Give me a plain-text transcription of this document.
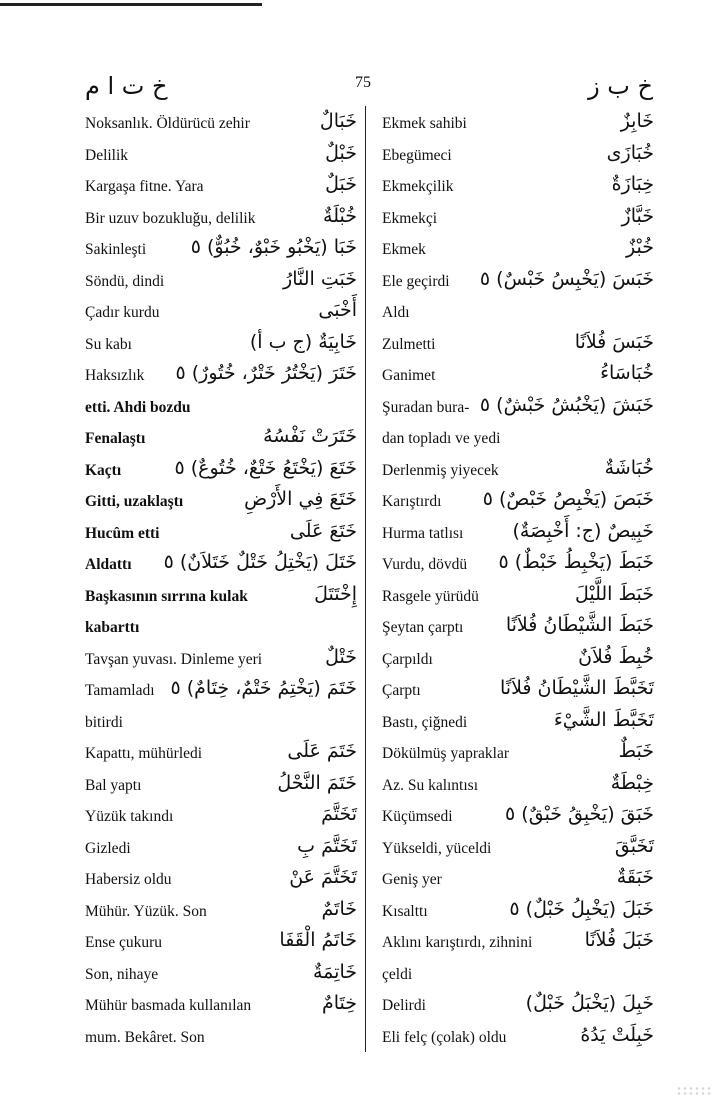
خ ت ا م	75	خ ب ز
Noksanlık. Öldürücü zehir	خَبَالٌ
Delilik	خَبْلٌ
Kargaşa fitne. Yara	خَبَلٌ
Bir uzuv bozukluğu, delilik	خُبْلَةٌ
Sakinleşti خَبَا (يَخْبُو خَبْوٌ، خُبُوٌّ) ٥
Söndü, dindi	خَبَتِ النَّارُ
Çadır kurdu	أَخْبَى
Su kabı	خَابِيَةٌ (ج ب أ)
Haksızlık خَتَرَ (يَخْتُرُ خَتْرٌ، خُتُورٌ) ٥
etti. Ahdi bozdu
Fenalaştı	خَتَرَتْ نَفْسُهُ
Kaçtı	خَتَعَ (يَخْتَعُ خَتْعٌ، خُتُوعٌ) ٥
Gitti, uzaklaştı	خَتَعَ فِي الأَرْضِ
Hucûm etti	خَتَعَ عَلَى
Aldattı خَتَلَ (يَخْتِلُ خَتْلٌ خَتَلاَنٌ) ٥
Başkasının sırrına kulak	إِخْتَتَلَ
kabarttı
Tavşan yuvası. Dinleme yeri	خَتْلٌ
Tamamladı خَتَمَ (يَخْتِمُ خَتْمٌ، خِتَامٌ) ٥
bitirdi
Kapattı, mühürledi	خَتَمَ عَلَى
Bal yaptı	خَتَمَ النَّحْلُ
Yüzük takındı	تَخَتَّمَ
Gizledi	تَخَتَّمَ بِ
Habersiz oldu	تَخَتَّمَ عَنْ
Mühür. Yüzük. Son	خَاتَمٌ
Ense çukuru	خَاتَمُ الْقَفَا
Son, nihaye	خَاتِمَةٌ
Mühür basmada kullanılan	خِتَامٌ
mum. Bekâret. Son
Ekmek sahibi	خَابِزٌ
Ebegümeci	خُبَازَى
Ekmekçilik	خِبَازَةٌ
Ekmekçi	خَبَّازٌ
Ekmek	خُبْزٌ
Ele geçirdi خَبَسَ (يَخْبِسُ خَبْسٌ) ٥
Aldı
Zulmetti	خَبَسَ فُلاَنًا
Ganimet	خُبَاسَاءُ
Şuradan bura- خَبَشَ (يَخْبُشُ خَبْشٌ) ٥
dan topladı ve yedi
Derlenmiş yiyecek	خُبَاشَةٌ
Karıştırdı خَبَصَ (يَخْبِصُ خَبْصٌ) ٥
Hurma tatlısı	خَبِيصٌ (ج: أَخْبِصَةٌ)
Vurdu, dövdü خَبَطَ (يَخْبِطُ خَبْطٌ) ٥
Rasgele yürüdü	خَبَطَ اللَّيْلَ
Şeytan çarptı خَبَطَ الشَّيْطَانُ فُلاَنًا
Çarpıldı	خُبِطَ فُلاَنٌ
Çarptı	تَخَبَّطَ الشَّيْطَانُ فُلاَنًا
Bastı, çiğnedi	تَخَبَّطَ الشَّيْءَ
Dökülmüş yapraklar	خَبَطٌ
Az. Su kalıntısı	خِبْطَةٌ
Küçümsedi	خَبَقَ (يَخْبِقُ خَبْقٌ) ٥
Yükseldi, yüceldi	تَخَبَّقَ
Geniş yer	خَبَقَةٌ
Kısalttı	خَبَلَ (يَخْبِلُ خَبْلٌ) ٥
Aklını karıştırdı, zihnini	خَبَلَ فُلاَنًا
çeldi
Delirdi	خَبِلَ (يَخْبَلُ خَبْلٌ)
Eli felç (çolak) oldu	خَبِلَتْ يَدُهُ
